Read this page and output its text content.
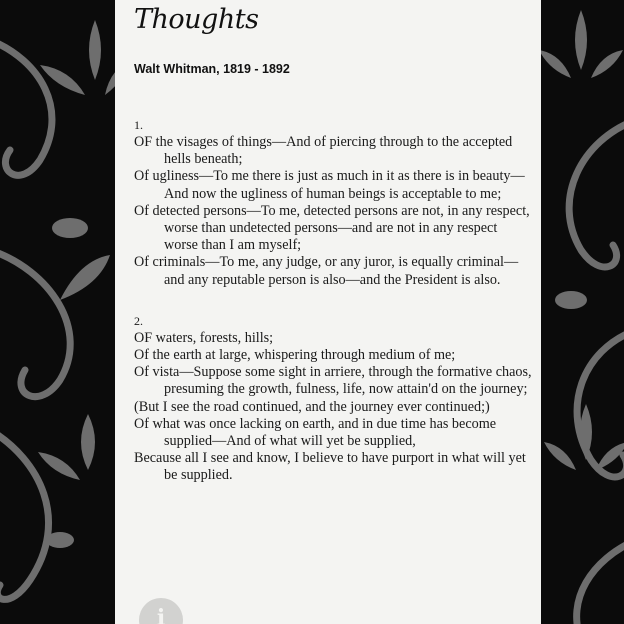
Thoughts
Walt Whitman, 1819 - 1892
1.
OF the visages of things—And of piercing through to the accepted hells beneath;
Of ugliness—To me there is just as much in it as there is in beauty—And now the ugliness of human beings is acceptable to me;
Of detected persons—To me, detected persons are not, in any respect, worse than undetected persons—and are not in any respect worse than I am myself;
Of criminals—To me, any judge, or any juror, is equally criminal—and any reputable person is also—and the President is also.
2.
OF waters, forests, hills;
Of the earth at large, whispering through medium of me;
Of vista—Suppose some sight in arriere, through the formative chaos, presuming the growth, fulness, life, now attain'd on the journey;
(But I see the road continued, and the journey ever continued;)
Of what was once lacking on earth, and in due time has become supplied—And of what will yet be supplied,
Because all I see and know, I believe to have purport in what will yet be supplied.
i
